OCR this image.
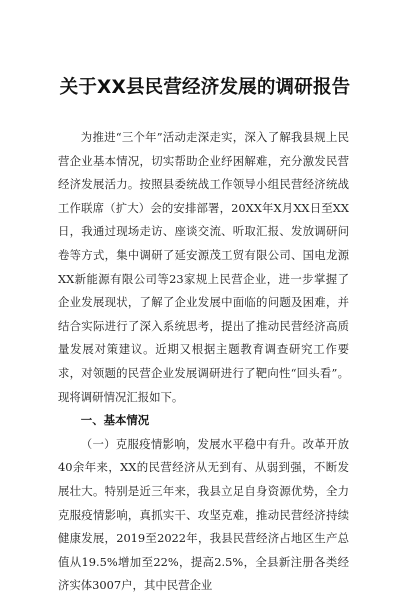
关于XX县民营经济发展的调研报告

为推进“三个年”活动走深走实，深入了解我县规上民营企业基本情况，切实帮助企业纾困解难，充分激发民营经济发展活力。按照县委统战工作领导小组民营经济统战工作联席（扩大）会的安排部署，20XX年X月XX日至XX日，我通过现场走访、座谈交流、听取汇报、发放调研问卷等方式，集中调研了延安源茂工贸有限公司、国电龙源XX新能源有限公司等23家规上民营企业，进一步掌握了企业发展现状，了解了企业发展中面临的问题及困难，并结合实际进行了深入系统思考，提出了推动民营经济高质量发展对策建议。近期又根据主题教育调查研究工作要求，对领题的民营企业发展调研进行了靶向性“回头看”。现将调研情况汇报如下。

一、基本情况

（一）克服疫情影响，发展水平稳中有升。改革开放40余年来，XX的民营经济从无到有、从弱到强，不断发展壮大。特别是近三年来，我县立足自身资源优势，全力克服疫情影响，真抓实干、攻坚克难，推动民营经济持续健康发展，2019至2022年，我县民营经济占地区生产总值从19.5%增加至22%，提高2.5%，全县新注册各类经济实体3007户，其中民营企业
